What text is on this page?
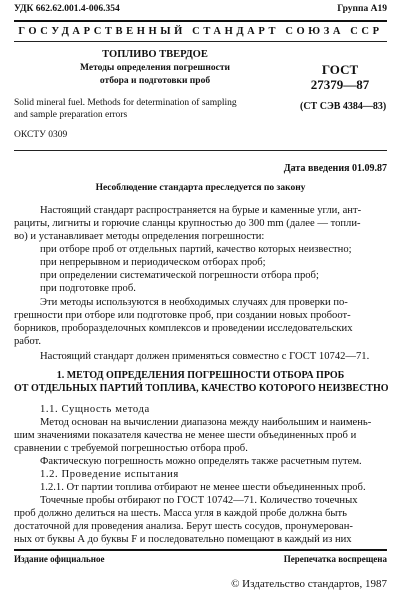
УДК 662.62.001.4-006.354	Группа А19
ГОСУДАРСТВЕННЫЙ СТАНДАРТ СОЮЗА ССР
ТОПЛИВО ТВЕРДОЕ
Методы определения погрешности
отбора и подготовки проб
ГОСТ
27379—87
Solid mineral fuel. Methods for determination of sampling
and sample preparation errors
(СТ СЭВ 4384—83)
ОКСТУ 0309
Дата введения 01.09.87
Несоблюдение стандарта преследуется по закону
Настоящий стандарт распространяется на бурые и каменные угли, ант-
рациты, лигниты и горючие сланцы крупностью до 300 mm (далее — топли-
во) и устанавливает методы определения погрешности:
при отборе проб от отдельных партий, качество которых неизвестно;
при непрерывном и периодическом отборах проб;
при определении систематической погрешности отбора проб;
при подготовке проб.
Эти методы используются в необходимых случаях для проверки по-
грешности при отборе или подготовке проб, при создании новых пробоот-
борников, проборазделочных комплексов и проведении исследовательских
работ.
Настоящий стандарт должен применяться совместно с ГОСТ 10742—71.
1. МЕТОД ОПРЕДЕЛЕНИЯ ПОГРЕШНОСТИ ОТБОРА ПРОБ
ОТ ОТДЕЛЬНЫХ ПАРТИЙ ТОПЛИВА, КАЧЕСТВО КОТОРОГО НЕИЗВЕСТНО
1.1. Сущность метода
Метод основан на вычислении диапазона между наибольшим и наимень-
шим значениями показателя качества не менее шести объединенных проб и
сравнении с требуемой погрешностью отбора проб.
Фактическую погрешность можно определять также расчетным путем.
1.2. Проведение испытания
1.2.1. От партии топлива отбирают не менее шести объединенных проб.
Точечные пробы отбирают по ГОСТ 10742—71. Количество точечных
проб должно делиться на шесть. Масса угля в каждой пробе должна быть
достаточной для проведения анализа. Берут шесть сосудов, пронумерован-
ных от буквы А до буквы F и последовательно помещают в каждый из них
Издание официальное	Перепечатка воспрещена
© Издательство стандартов, 1987
